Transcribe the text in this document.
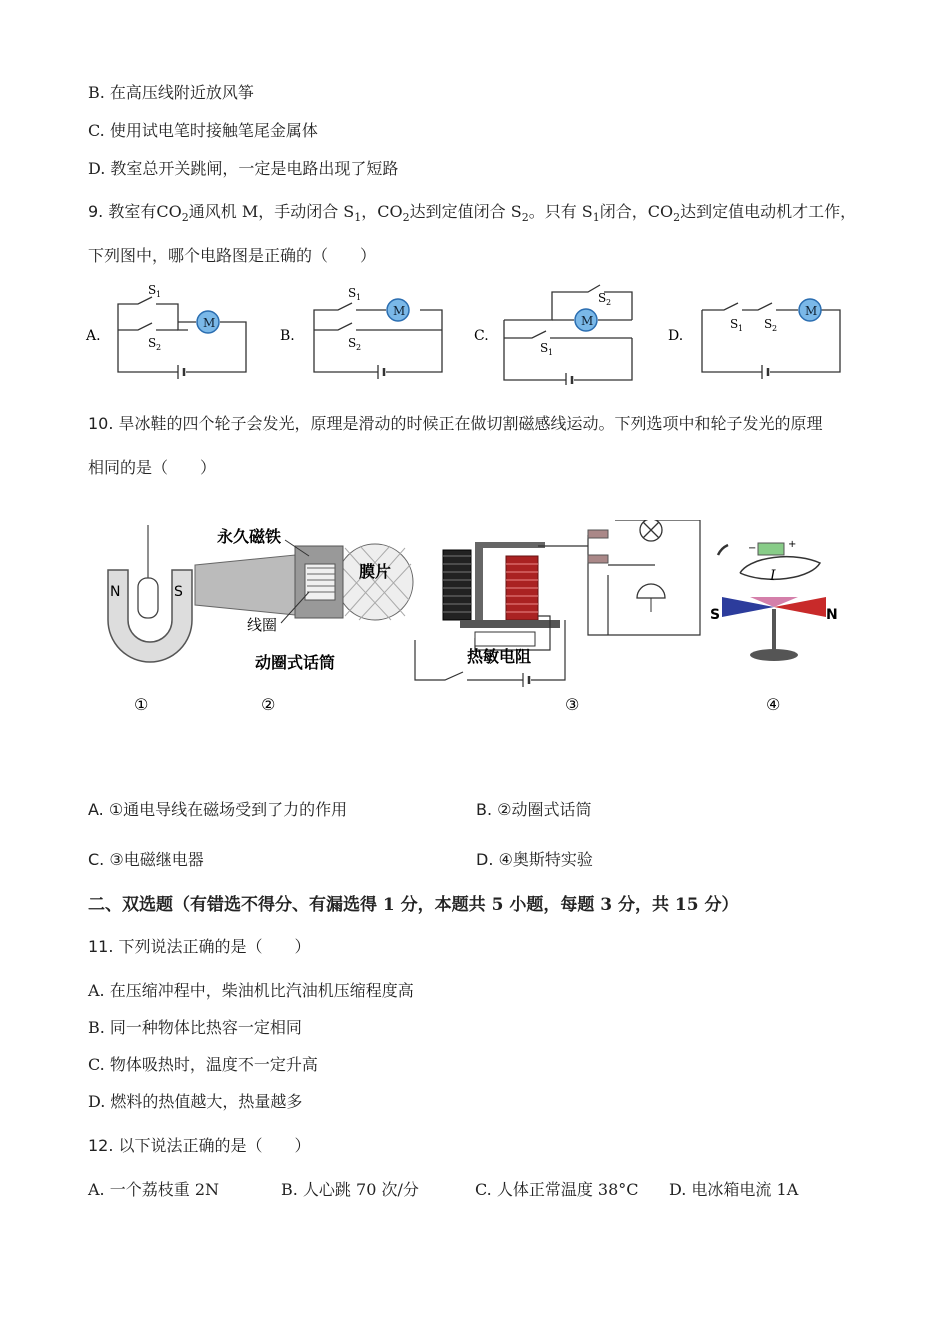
B. 在高压线附近放风筝
C. 使用试电笔时接触笔尾金属体
D. 教室总开关跳闸，一定是电路出现了短路
9. 教室有$CO_2$通风机 M，手动闭合 $S_1$，$CO_2$达到定值闭合 $S_2$。只有 $S_1$闭合，$CO_2$达到定值电动机才工作，
下列图中，哪个电路图是正确的（　　）
A.
M
S 1
S 2
B.
M
S 1
S 2
C.
M
S 2
S 1
D.
M
S 1 S 2
10. 旱冰鞋的四个轮子会发光，原理是滑动的时候正在做切割磁感线运动。下列选项中和轮子发光的原理
相同的是（　　）
N	S
①
永久磁铁
膜片
线圈
动圈式话筒
②
热敏电阻
③
−	+
I
S	N
④
A. ①通电导线在磁场受到了力的作用	B. ②动圈式话筒
C. ③电磁继电器	D. ④奥斯特实验
二、双选题（有错选不得分、有漏选得 1 分，本题共 5 小题，每题 3 分，共 15 分）
11. 下列说法正确的是（　　）
A. 在压缩冲程中，柴油机比汽油机压缩程度高
B. 同一种物体比热容一定相同
C. 物体吸热时，温度不一定升高
D. 燃料的热值越大，热量越多
12. 以下说法正确的是（　　）
A. 一个荔枝重 2N	B. 人心跳 70 次/分	C. 人体正常温度 38°C D. 电冰箱电流 1A
